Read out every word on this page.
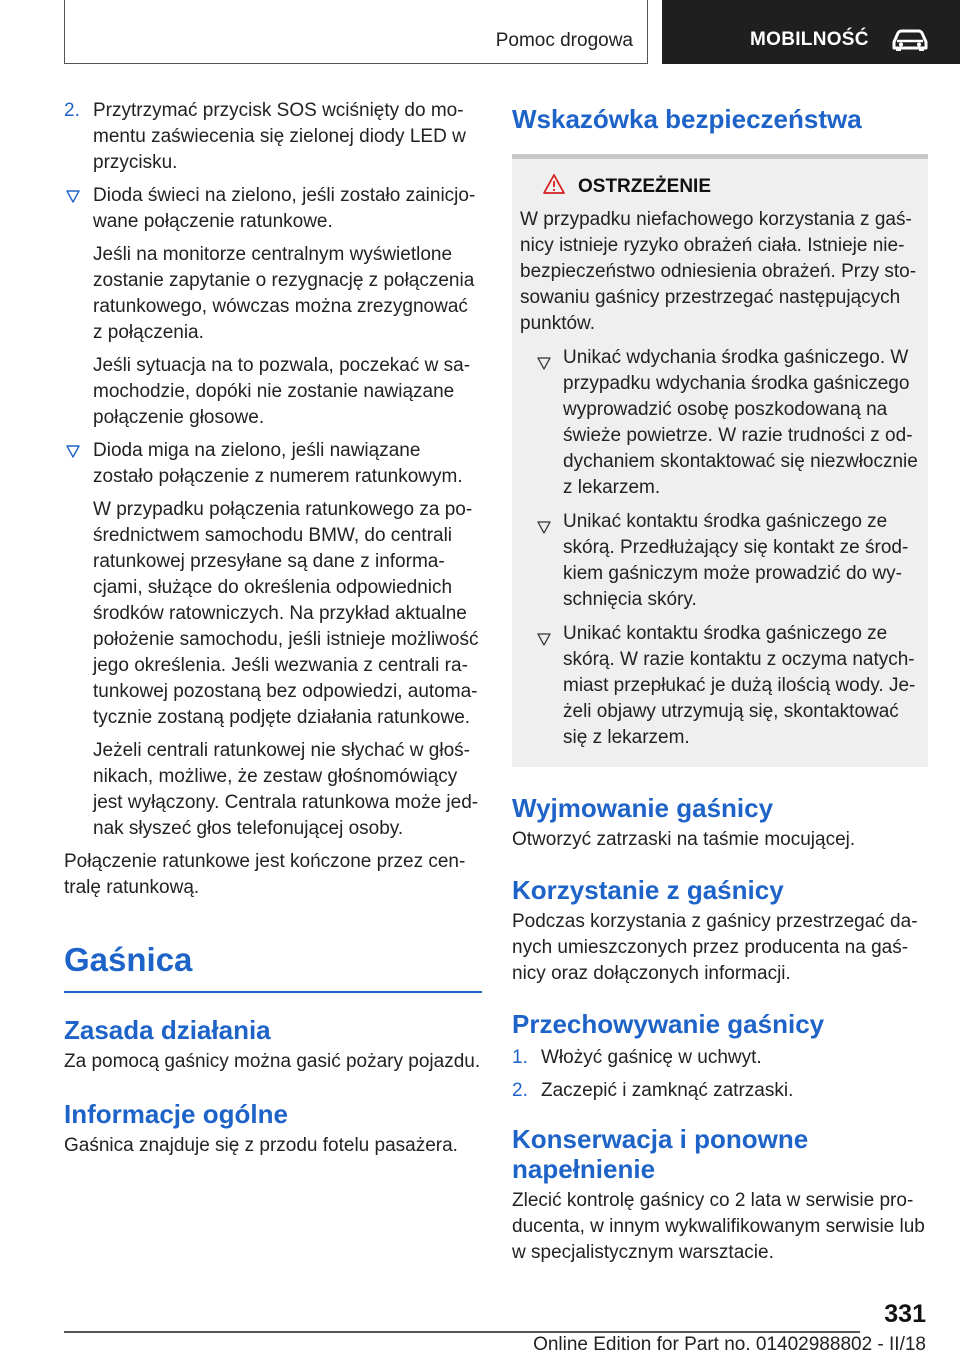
Pomoc drogowa	MOBILNOŚĆ
2. Przytrzymać przycisk SOS wciśnięty do momentu zaświecenia się zielonej diody LED w przycisku.

Dioda świeci na zielono, jeśli zostało zainicjowane połączenie ratunkowe.

Jeśli na monitorze centralnym wyświetlone zostanie zapytanie o rezygnację z połączenia ratunkowego, wówczas można zrezygnować z połączenia.

Jeśli sytuacja na to pozwala, poczekać w samochodzie, dopóki nie zostanie nawiązane połączenie głosowe.

Dioda miga na zielono, jeśli nawiązane zostało połączenie z numerem ratunkowym.

W przypadku połączenia ratunkowego za pośrednictwem samochodu BMW, do centrali ratunkowej przesyłane są dane z informacjami, służące do określenia odpowiednich środków ratowniczych. Na przykład aktualne położenie samochodu, jeśli istnieje możliwość jego określenia. Jeśli wezwania z centrali ratunkowej pozostaną bez odpowiedzi, automatycznie zostaną podjęte działania ratunkowe.

Jeżeli centrali ratunkowej nie słychać w głośnikach, możliwe, że zestaw głośnomówiący jest wyłączony. Centrala ratunkowa może jednak słyszeć głos telefonującej osoby.

Połączenie ratunkowe jest kończone przez centralę ratunkową.

Gaśnica
Zasada działania

Za pomocą gaśnicy można gasić pożary pojazdu.

Informacje ogólne

Gaśnica znajduje się z przodu fotelu pasażera.

Wskazówka bezpieczeństwa
OSTRZEŻENIE

W przypadku niefachowego korzystania z gaśnicy istnieje ryzyko obrażeń ciała. Istnieje niebezpieczeństwo odniesienia obrażeń. Przy stosowaniu gaśnicy przestrzegać następujących punktów.

Unikać wdychania środka gaśniczego. W przypadku wdychania środka gaśniczego wyprowadzić osobę poszkodowaną na świeże powietrze. W razie trudności z oddychaniem skontaktować się niezwłocznie z lekarzem.
Unikać kontaktu środka gaśniczego ze skórą. Przedłużający się kontakt ze środkiem gaśniczym może prowadzić do wyschnięcia skóry.
Unikać kontaktu środka gaśniczego ze skórą. W razie kontaktu z oczyma natychmiast przepłukać je dużą ilością wody. Jeżeli objawy utrzymują się, skontaktować się z lekarzem.
Wyjmowanie gaśnicy

Otworzyć zatrzaski na taśmie mocującej.

Korzystanie z gaśnicy

Podczas korzystania z gaśnicy przestrzegać danych umieszczonych przez producenta na gaśnicy oraz dołączonych informacji.

Przechowywanie gaśnicy
1. Włożyć gaśnicę w uchwyt.

2. Zaczepić i zamknąć zatrzaski.

Konserwacja i ponowne napełnienie

Zlecić kontrolę gaśnicy co 2 lata w serwisie producenta, w innym wykwalifikowanym serwisie lub w specjalistycznym warsztacie.

331
Online Edition for Part no. 01402988802 - II/18
